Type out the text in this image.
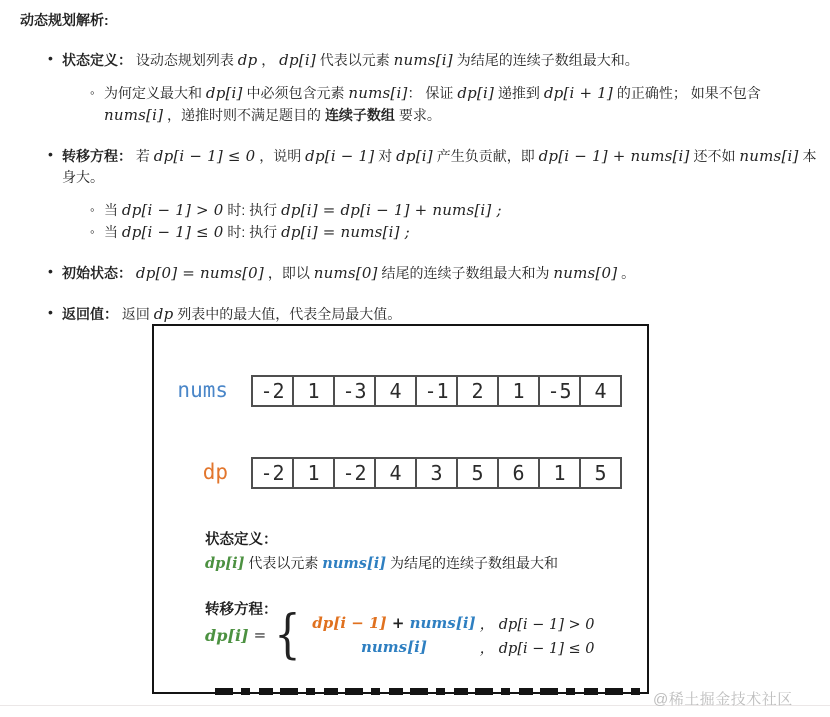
动态规划解析:

• 状态定义： 设动态规划列表 dp ， dp[i] 代表以元素 nums[i] 为结尾的连续子数组最大和。

◦ 为何定义最大和 dp[i] 中必须包含元素 nums[i]： 保证 dp[i] 递推到 dp[i + 1] 的正确性； 如果不包含 nums[i] ，递推时则不满足题目的 连续子数组 要求。

• 转移方程： 若 dp[i − 1] ≤ 0 ，说明 dp[i − 1] 对 dp[i] 产生负贡献，即 dp[i − 1] + nums[i] 还不如 nums[i] 本身大。

◦ 当 dp[i − 1] > 0 时: 执行 dp[i] = dp[i − 1] + nums[i] ;
◦ 当 dp[i − 1] ≤ 0 时: 执行 dp[i] = nums[i] ;

• 初始状态： dp[0] = nums[0] ，即以 nums[0] 结尾的连续子数组最大和为 nums[0] 。

• 返回值： 返回 dp 列表中的最大值，代表全局最大值。

nums	-2	1	-3	4	-1	2	1	-5	4
dp	-2	1	-2	4	3	5	6	1	5
状态定义：
dp[i] 代表以元素 nums[i] 为结尾的连续子数组最大和
转移方程：
dp[i] = { dp[i − 1] + nums[i] ， dp[i − 1] > 0
nums[i]	， dp[i − 1] ≤ 0
@稀土掘金技术社区
